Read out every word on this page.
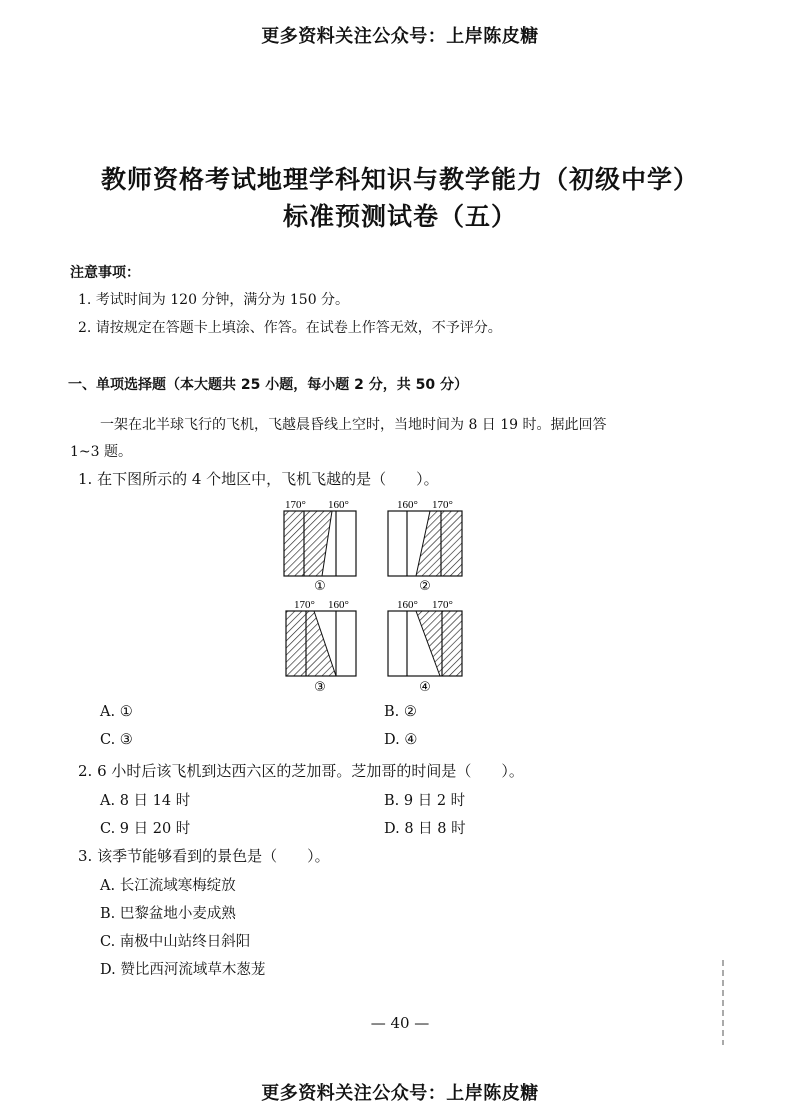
更多资料关注公众号：上岸陈皮糖
教师资格考试地理学科知识与教学能力（初级中学）
标准预测试卷（五）
注意事项：
1. 考试时间为 120 分钟，满分为 150 分。
2. 请按规定在答题卡上填涂、作答。在试卷上作答无效，不予评分。
一、单项选择题（本大题共 25 小题，每小题 2 分，共 50 分）
一架在北半球飞行的飞机，飞越晨昏线上空时，当地时间为 8 日 19 时。据此回答
1~3 题。
1. 在下图所示的 4 个地区中，飞机飞越的是（　　）。
170° 160°
①
160° 170°
②
170° 160°
③
160° 170°
④
A. ①	B. ②
C. ③	D. ④
2. 6 小时后该飞机到达西六区的芝加哥。芝加哥的时间是（　　）。
A. 8 日 14 时	B. 9 日 2 时
C. 9 日 20 时	D. 8 日 8 时
3. 该季节能够看到的景色是（　　）。
A. 长江流域寒梅绽放
B. 巴黎盆地小麦成熟
C. 南极中山站终日斜阳
D. 赞比西河流域草木葱茏
— 40 —
更多资料关注公众号：上岸陈皮糖
